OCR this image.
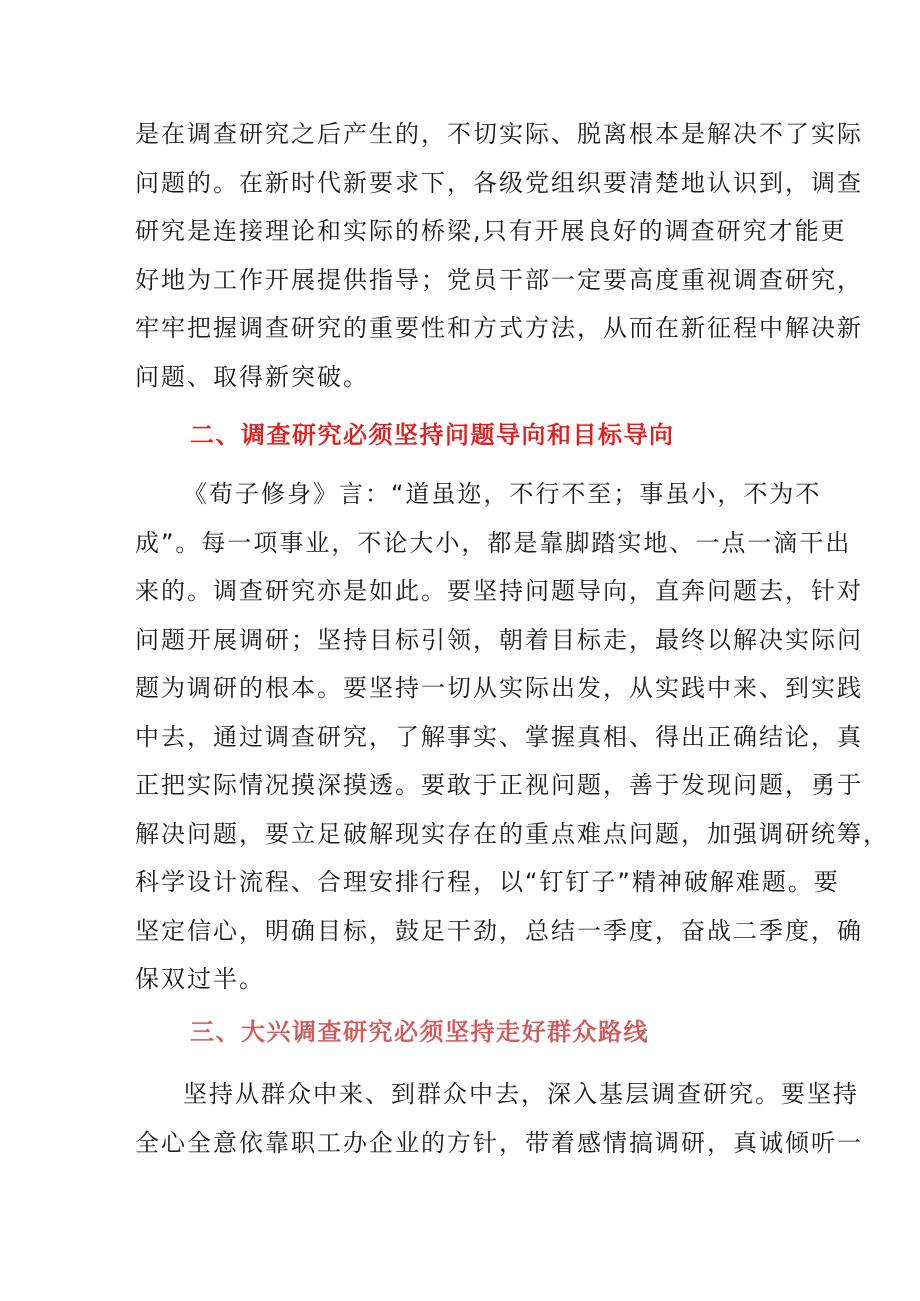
是在调查研究之后产生的，不切实际、脱离根本是解决不了实际
问题的。在新时代新要求下，各级党组织要清楚地认识到，调查
研究是连接理论和实际的桥梁,只有开展良好的调查研究才能更
好地为工作开展提供指导；党员干部一定要高度重视调查研究，
牢牢把握调查研究的重要性和方式方法，从而在新征程中解决新
问题、取得新突破。
二、调查研究必须坚持问题导向和目标导向
《荀子修身》言：“道虽迩，不行不至；事虽小，不为不
成”。每一项事业，不论大小，都是靠脚踏实地、一点一滴干出
来的。调查研究亦是如此。要坚持问题导向，直奔问题去，针对
问题开展调研；坚持目标引领，朝着目标走，最终以解决实际问
题为调研的根本。要坚持一切从实际出发，从实践中来、到实践
中去，通过调查研究，了解事实、掌握真相、得出正确结论，真
正把实际情况摸深摸透。要敢于正视问题，善于发现问题，勇于
解决问题，要立足破解现实存在的重点难点问题，加强调研统筹，
科学设计流程、合理安排行程，以“钉钉子”精神破解难题。要
坚定信心，明确目标，鼓足干劲，总结一季度，奋战二季度，确
保双过半。
三、大兴调查研究必须坚持走好群众路线
坚持从群众中来、到群众中去，深入基层调查研究。要坚持
全心全意依靠职工办企业的方针，带着感情搞调研，真诚倾听一
